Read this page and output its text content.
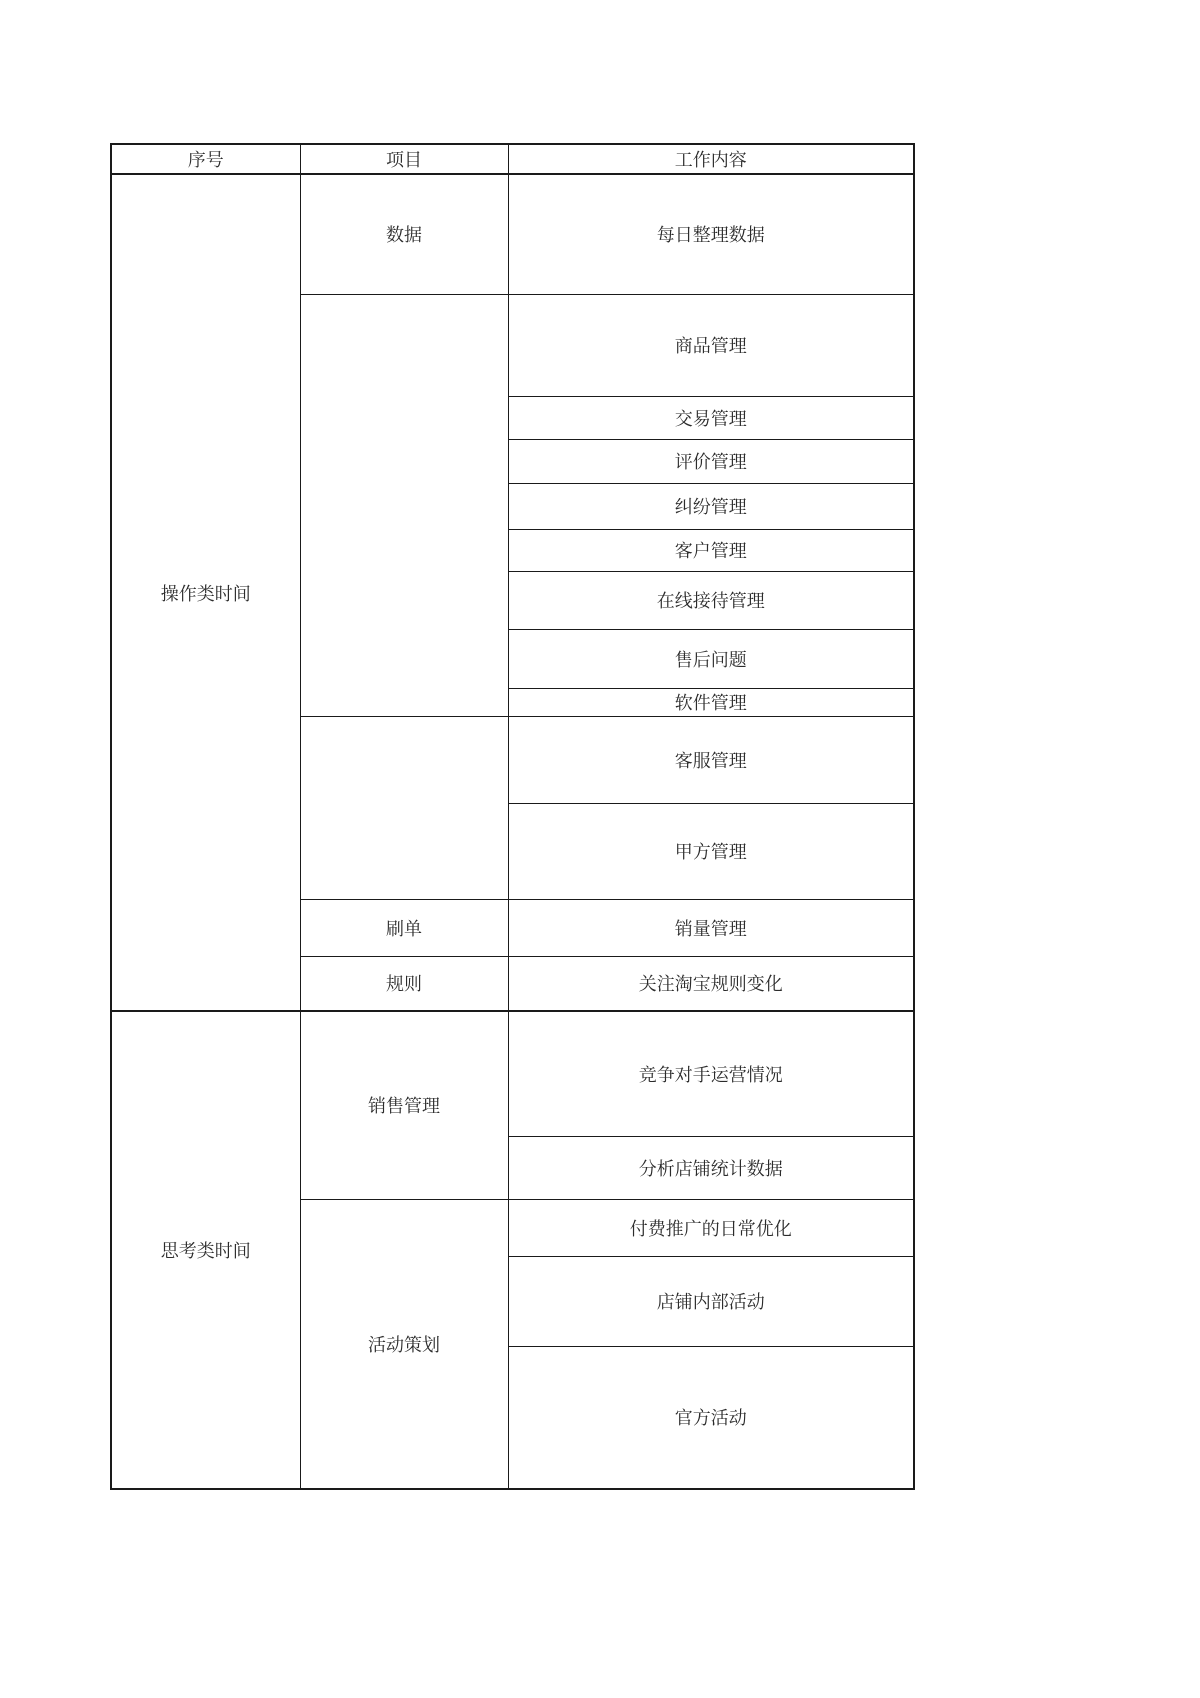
序号	项目	工作内容
操作类时间	数据	每日整理数据
		商品管理
		交易管理
		评价管理
		纠纷管理
		客户管理
		在线接待管理
		售后问题
		软件管理
		客服管理
		甲方管理
	刷单	销量管理
	规则	关注淘宝规则变化
思考类时间	销售管理	竞争对手运营情况
		分析店铺统计数据
	活动策划	付费推广的日常优化
		店铺内部活动
		官方活动
